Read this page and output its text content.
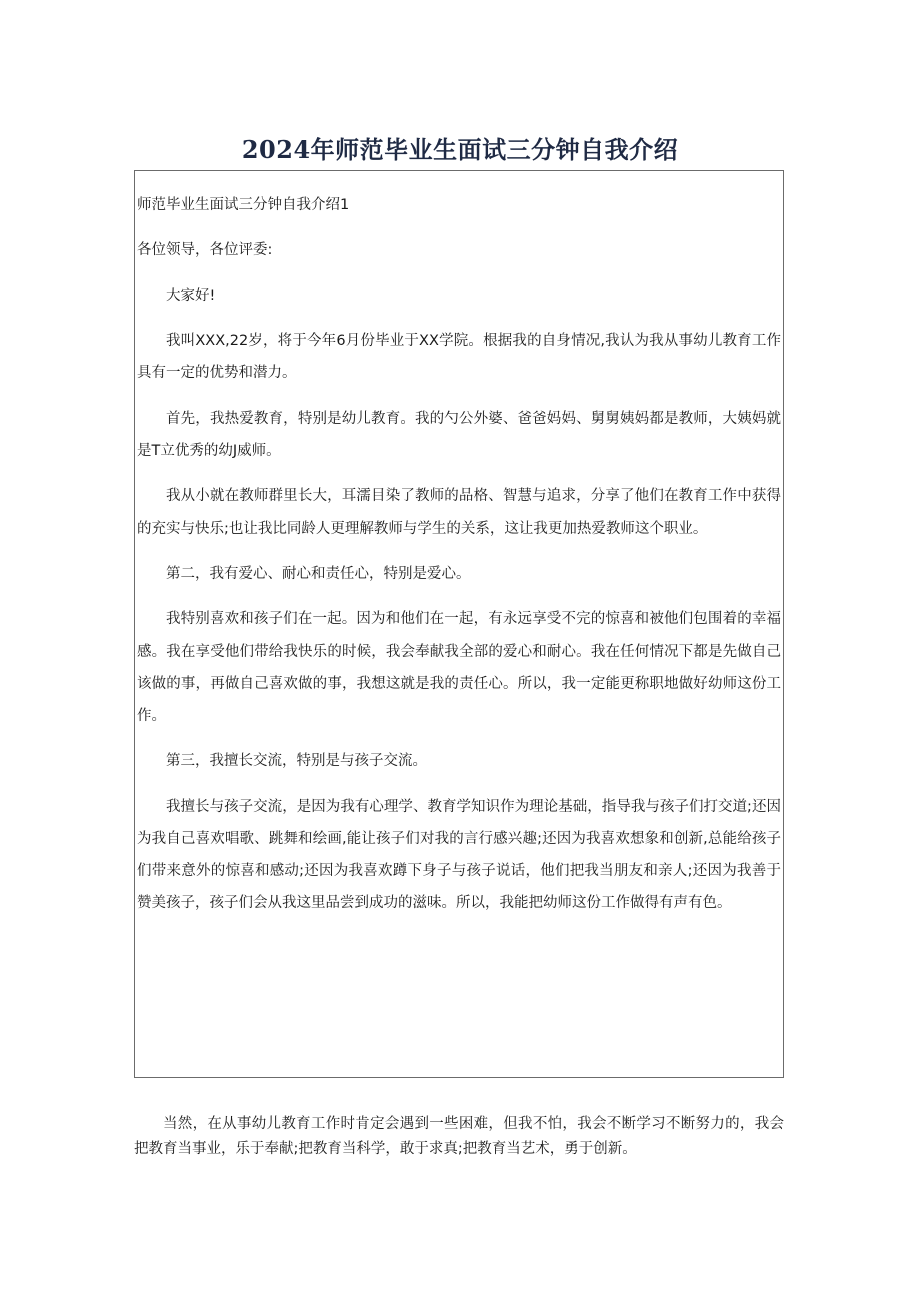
2024年师范毕业生面试三分钟自我介绍

师范毕业生面试三分钟自我介绍1

各位领导，各位评委:

大家好!

我叫XXX,22岁，将于今年6月份毕业于XX学院。根据我的自身情况,我认为我从事幼儿教育工作具有一定的优势和潜力。

首先，我热爱教育，特别是幼儿教育。我的勺公外婆、爸爸妈妈、舅舅姨妈都是教师，大姨妈就是T立优秀的幼J威师。

我从小就在教师群里长大，耳濡目染了教师的品格、智慧与追求，分享了他们在教育工作中获得的充实与快乐;也让我比同龄人更理解教师与学生的关系，这让我更加热爱教师这个职业。

第二，我有爱心、耐心和责任心，特别是爱心。

我特别喜欢和孩子们在一起。因为和他们在一起，有永远享受不完的惊喜和被他们包围着的幸福感。我在享受他们带给我快乐的时候，我会奉献我全部的爱心和耐心。我在任何情况下都是先做自己该做的事，再做自己喜欢做的事，我想这就是我的责任心。所以，我一定能更称职地做好幼师这份工作。

第三，我擅长交流，特别是与孩子交流。

我擅长与孩子交流，是因为我有心理学、教育学知识作为理论基础，指导我与孩子们打交道;还因为我自己喜欢唱歌、跳舞和绘画,能让孩子们对我的言行感兴趣;还因为我喜欢想象和创新,总能给孩子们带来意外的惊喜和感动;还因为我喜欢蹲下身子与孩子说话，他们把我当朋友和亲人;还因为我善于赞美孩子，孩子们会从我这里品尝到成功的滋味。所以，我能把幼师这份工作做得有声有色。

当然，在从事幼儿教育工作时肯定会遇到一些困难，但我不怕，我会不断学习不断努力的，我会把教育当事业，乐于奉献;把教育当科学，敢于求真;把教育当艺术，勇于创新。
